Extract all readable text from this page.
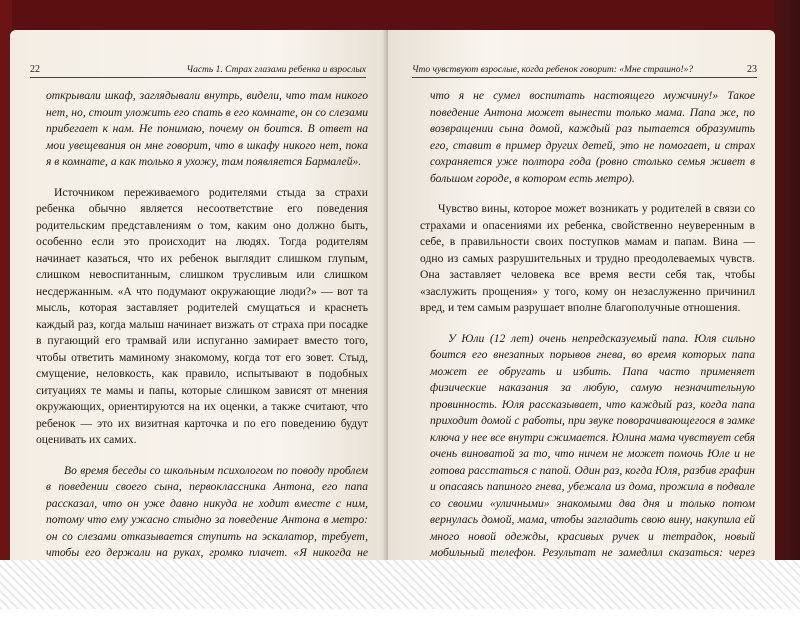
22	Часть 1. Страх глазами ребенка и взрослых

открывали шкаф, заглядывали внутрь, видели, что там никого нет, но, стоит уложить его спать в его комнате, он со слезами прибегает к нам. Не понимаю, почему он боится. В ответ на мои увещевания он мне говорит, что в шкафу никого нет, пока я в комнате, а как только я ухожу, там появляется Бармалей».

Источником переживаемого родителями стыда за страхи ребенка обычно является несоответствие его поведения родительским представлениям о том, каким оно должно быть, особенно если это происходит на людях. Тогда родителям начинает казаться, что их ребенок выглядит слишком глупым, слишком невоспитанным, слишком трусливым или слишком несдержанным. «А что подумают окружающие люди?» — вот та мысль, которая заставляет родителей смущаться и краснеть каждый раз, когда малыш начинает визжать от страха при посадке в пугающий его трамвай или испуганно замирает вместо того, чтобы ответить маминому знакомому, когда тот его зовет. Стыд, смущение, неловкость, как правило, испытывают в подобных ситуациях те мамы и папы, которые слишком зависят от мнения окружающих, ориентируются на их оценки, а также считают, что ребенок — это их визитная карточка и по его поведению будут оценивать их самих.

Во время беседы со школьным психологом по поводу проблем в поведении своего сына, первоклассника Антона, его папа рассказал, что он уже давно никуда не ходит вместе с ним, потому что ему ужасно стыдно за поведение Антона в метро: он со слезами отказывается ступить на эскалатор, требует, чтобы его держали на руках, громко плачет. «Я никогда не

Что чувствуют взрослые, когда ребенок говорит: «Мне страшно!»?	23

что я не сумел воспитать настоящего мужчину!» Такое поведение Антона может вынести только мама. Папа же, по возвращении сына домой, каждый раз пытается образумить его, ставит в пример других детей, это не помогает, и страх сохраняется уже полтора года (ровно столько семья живет в большом городе, в котором есть метро).

Чувство вины, которое может возникать у родителей в связи со страхами и опасениями их ребенка, свойственно неуверенным в себе, в правильности своих поступков мамам и папам. Вина — одно из самых разрушительных и трудно преодолеваемых чувств. Она заставляет человека все время вести себя так, чтобы «заслужить прощения» у того, кому он незаслуженно причинил вред, и тем самым разрушает вполне благополучные отношения.

У Юли (12 лет) очень непредсказуемый папа. Юля сильно боится его внезапных порывов гнева, во время которых папа может ее обругать и избить. Папа часто применяет физические наказания за любую, самую незначительную провинность. Юля рассказывает, что каждый раз, когда папа приходит домой с работы, при звуке поворачивающегося в замке ключа у нее все внутри сжимается. Юлина мама чувствует себя очень виноватой за то, что ничем не может помочь Юле и не готова расстаться с папой. Один раз, когда Юля, разбив графин и опасаясь папиного гнева, убежала из дома, прожила в подвале со своими «уличными» знакомыми два дня и только потом вернулась домой, мама, чтобы загладить свою вину, накупила ей много новой одежды, красивых ручек и тетрадок, новый мобильный телефон. Результат не замедлил сказаться: через
